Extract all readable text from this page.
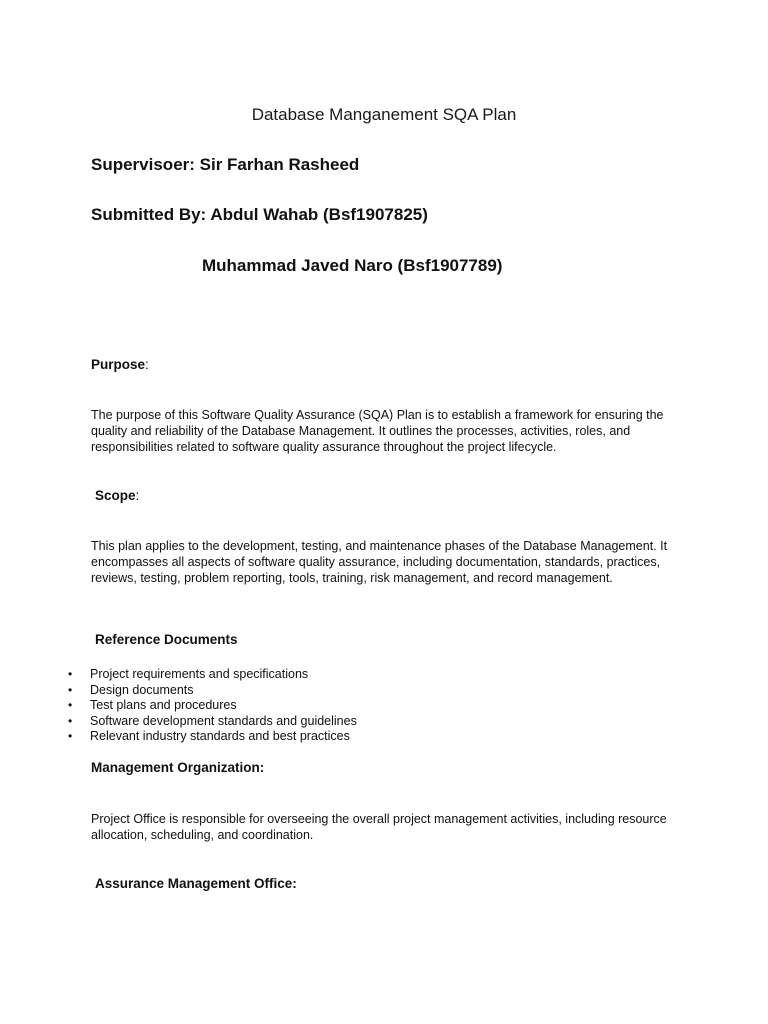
Database Manganement SQA Plan
Supervisoer: Sir Farhan Rasheed
Submitted By: Abdul Wahab (Bsf1907825)
Muhammad Javed Naro (Bsf1907789)
Purpose:
The purpose of this Software Quality Assurance (SQA) Plan is to establish a framework for ensuring the quality and reliability of the Database Management. It outlines the processes, activities, roles, and responsibilities related to software quality assurance throughout the project lifecycle.
Scope:
This plan applies to the development, testing, and maintenance phases of the Database Management. It encompasses all aspects of software quality assurance, including documentation, standards, practices, reviews, testing, problem reporting, tools, training, risk management, and record management.
Reference Documents
• Project requirements and specifications
• Design documents
• Test plans and procedures
• Software development standards and guidelines
• Relevant industry standards and best practices
Management Organization:
Project Office is responsible for overseeing the overall project management activities, including resource allocation, scheduling, and coordination.
Assurance Management Office:
